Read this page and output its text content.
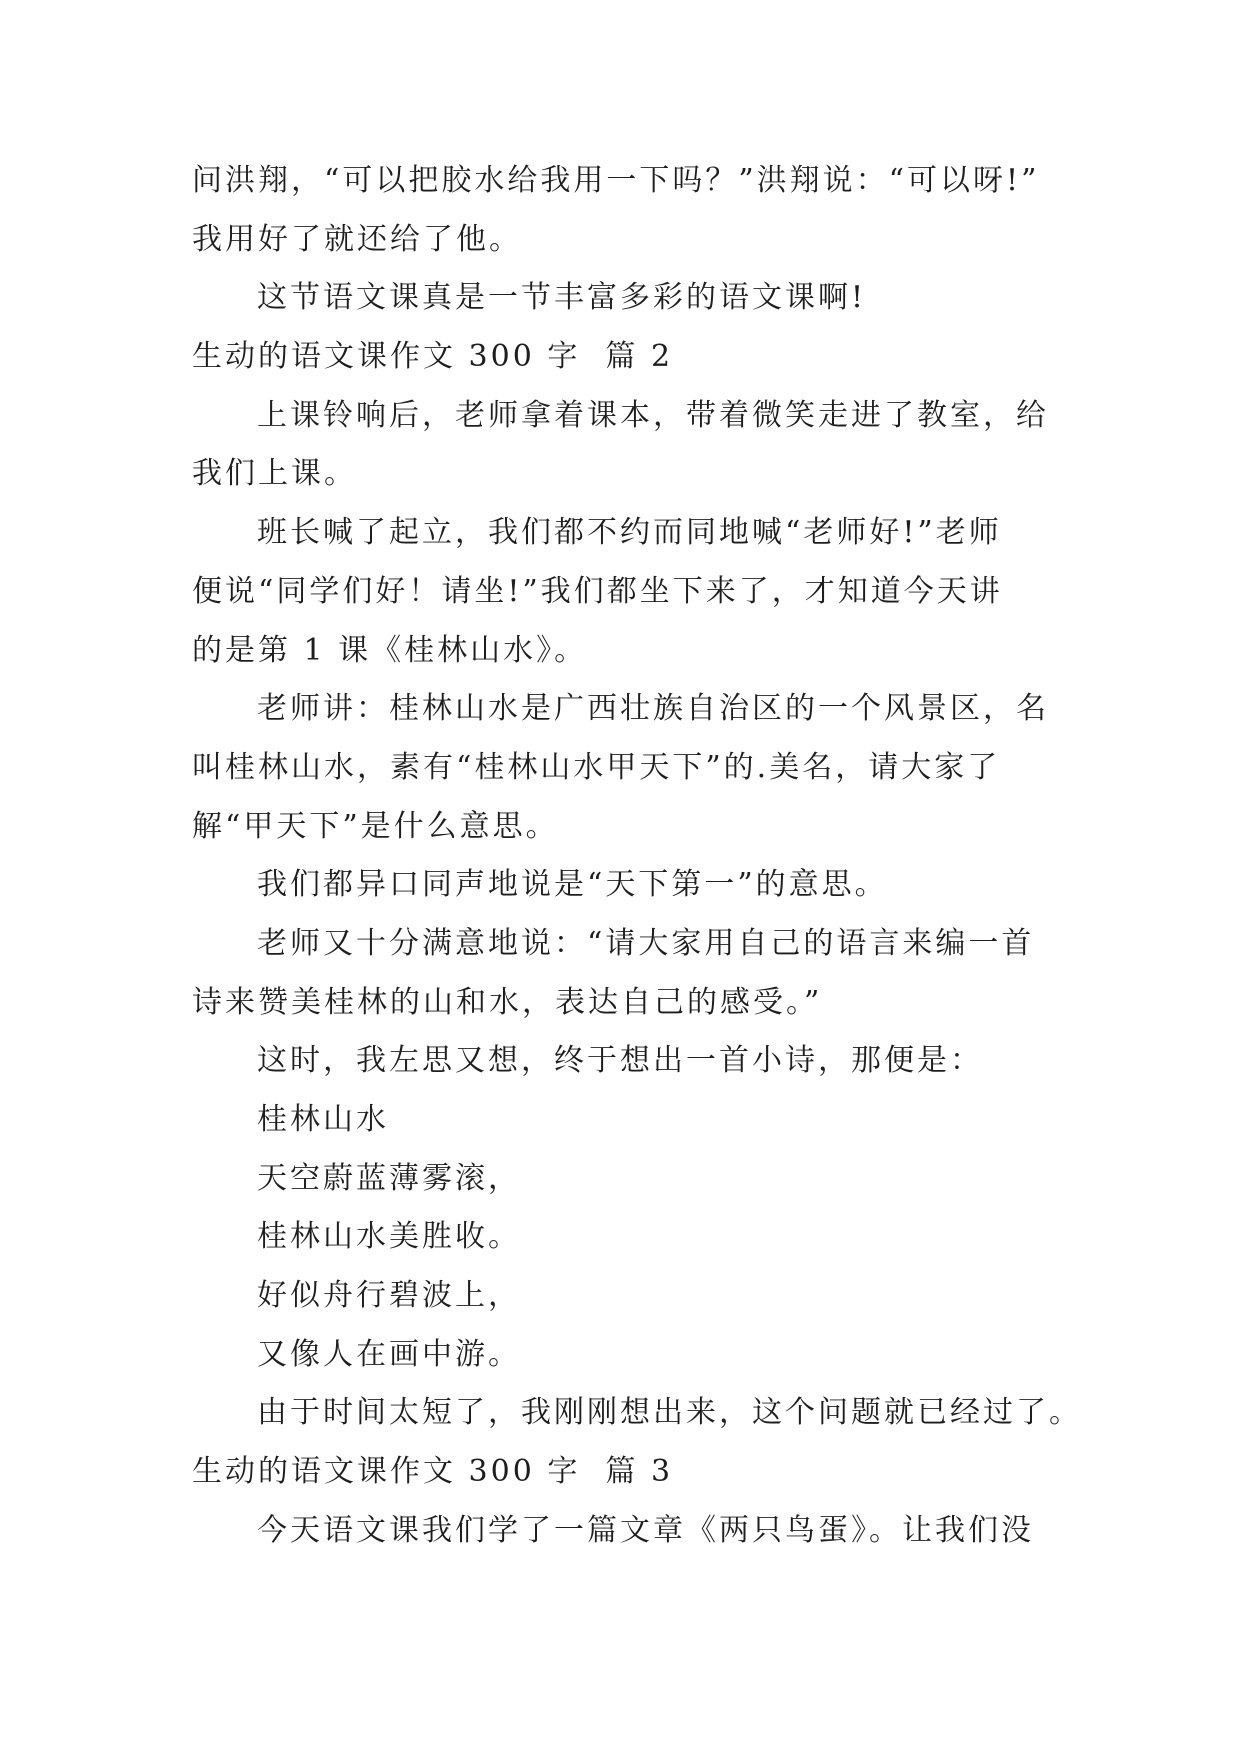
问洪翔，“可以把胶水给我用一下吗？”洪翔说：“可以呀!”
我用好了就还给了他。
这节语文课真是一节丰富多彩的语文课啊!
生动的语文课作文 300 字  篇 2
上课铃响后，老师拿着课本，带着微笑走进了教室，给
我们上课。
班长喊了起立，我们都不约而同地喊“老师好!”老师
便说“同学们好！请坐!”我们都坐下来了，才知道今天讲
的是第 1 课《桂林山水》。
老师讲：桂林山水是广西壮族自治区的一个风景区，名
叫桂林山水，素有“桂林山水甲天下”的.美名，请大家了
解“甲天下”是什么意思。
我们都异口同声地说是“天下第一”的意思。
老师又十分满意地说：“请大家用自己的语言来编一首
诗来赞美桂林的山和水，表达自己的感受。”
这时，我左思又想，终于想出一首小诗，那便是：
桂林山水
天空蔚蓝薄雾滚，
桂林山水美胜收。
好似舟行碧波上，
又像人在画中游。
由于时间太短了，我刚刚想出来，这个问题就已经过了。
生动的语文课作文 300 字  篇 3
今天语文课我们学了一篇文章《两只鸟蛋》。让我们没
